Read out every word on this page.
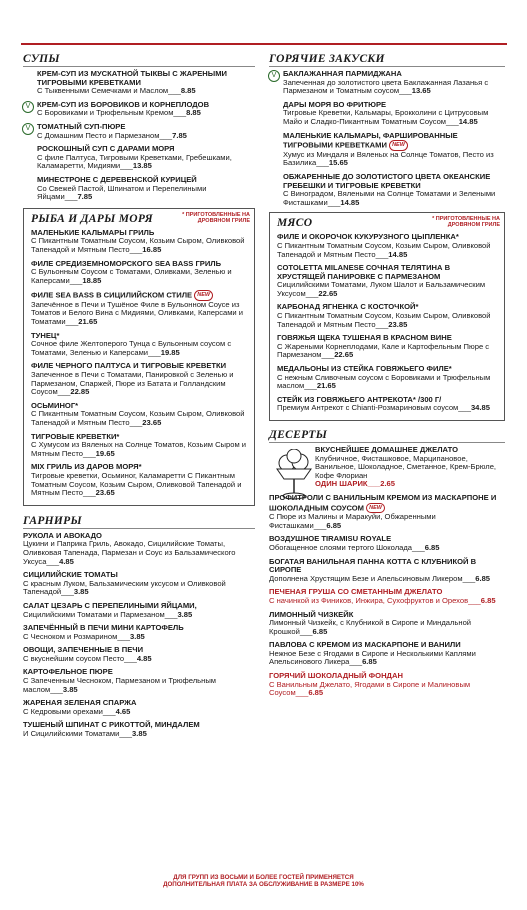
СУПЫ
КРЕМ-СУП ИЗ МУСКАТНОЙ ТЫКВЫ С ЖАРЕНЫМИ ТИГРОВЫМИ КРЕВЕТКАМИ
С Тыквенными Семечками и Маслом___8.85
V КРЕМ-СУП ИЗ БОРОВИКОВ И КОРНЕПЛОДОВ
С Боровиками и Трюфельным Кремом___8.85
V ТОМАТНЫЙ СУП-ПЮРЕ
С Домашним Песто и Пармезаном___7.85
РОСКОШНЫЙ СУП С ДАРАМИ МОРЯ
С филе Палтуса, Тигровыми Креветками, Гребешками, Каламаретти, Мидиями___13.85
МИНЕСТРОНЕ С ДЕРЕВЕНСКОЙ КУРИЦЕЙ
Со Свежей Пастой, Шпинатом и Перепелиными Яйцами___7.85
* ПРИГОТОВЛЕННЫЕ НА ДРОВЯНОМ ГРИЛЕ
РЫБА И ДАРЫ МОРЯ
МАЛЕНЬКИЕ КАЛЬМАРЫ ГРИЛЬ
С Пикантным Томатным Соусом, Козьим Сыром, Оливковой Тапенадой и Мятным Песто___16.85
ФИЛЕ СРЕДИЗЕМНОМОРСКОГО SEA BASS ГРИЛЬ
С Бульонным Соусом с Томатами, Оливками, Зеленью и Каперсами___18.85
ФИЛЕ SEA BASS В СИЦИЛИЙСКОМ СТИЛЕ NEW
Запечённое в Печи и Тушёное Филе в Бульонном Соусе из Томатов и Белого Вина с Мидиями, Оливками, Каперсами и Томатами___21.65
ТУНЕЦ*
Сочное филе Желтоперого Тунца с Бульонным соусом с Томатами, Зеленью и Каперсами___19.85
ФИЛЕ ЧЕРНОГО ПАЛТУСА И ТИГРОВЫЕ КРЕВЕТКИ
Запеченное в Печи с Томатами, Панировкой с Зеленью и Пармезаном, Спаржей, Пюре из Батата и Голландским Соусом___22.85
ОСЬМИНОГ*
С Пикантным Томатным Соусом, Козьим Сыром, Оливковой Тапенадой и Мятным Песто___23.65
ТИГРОВЫЕ КРЕВЕТКИ*
С Хумусом из Вяленых на Солнце Томатов, Козьим Сыром и Мятным Песто___19.65
MIX ГРИЛЬ ИЗ ДАРОВ МОРЯ*
Тигровые креветки, Осьминог, Каламаретти С Пикантным Томатным Соусом, Козьим Сыром, Оливковой Тапенадой и Мятным Песто___23.65
ГАРНИРЫ
РУКОЛА И АВОКАДО
Цукини и Паприка Гриль, Авокадо, Сицилийские Томаты, Оливковая Тапенада, Пармезан и Соус из Бальзамического Уксуса___4.85
СИЦИЛИЙСКИЕ ТОМАТЫ
С красным Луком, Бальзамическим уксусом и Оливковой Тапенадой___3.85
САЛАТ ЦЕЗАРЬ С ПЕРЕПЕЛИНЫМИ ЯЙЦАМИ,
Сицилийскими Томатами и Пармезаном___3.85
ЗАПЕЧЁННЫЙ В ПЕЧИ МИНИ КАРТОФЕЛЬ
С Чесноком и Розмарином___3.85
ОВОЩИ, ЗАПЕЧЕННЫЕ В ПЕЧИ
С вкуснейшим соусом Песто___4.85
КАРТОФЕЛЬНОЕ ПЮРЕ
С Запеченным Чесноком, Пармезаном и Трюфельным маслом___3.85
ЖАРЕНАЯ ЗЕЛЕНАЯ СПАРЖА
С Кедровыми орехами___4.65
ТУШЕНЫЙ ШПИНАТ С РИКОТТОЙ, МИНДАЛЕМ
И Сицилийскими Томатами___3.85
ГОРЯЧИЕ ЗАКУСКИ
V БАКЛАЖАННАЯ ПАРМИДЖАНА
Запеченная до золотистого цвета Баклажанная Лазанья с Пармезаном и Томатным соусом___13.65
ДАРЫ МОРЯ ВО ФРИТЮРЕ
Тигровые Креветки, Кальмары, Брокколини с Цитрусовым Майо и Сладко-Пикантным Томатным Соусом___14.85
МАЛЕНЬКИЕ КАЛЬМАРЫ, ФАРШИРОВАННЫЕ ТИГРОВЫМИ КРЕВЕТКАМИ NEW
Хумус из Миндаля и Вяленых на Солнце Томатов, Песто из Базилика___15.65
ОБЖАРЕННЫЕ ДО ЗОЛОТИСТОГО ЦВЕТА ОКЕАНСКИЕ ГРЕБЕШКИ И ТИГРОВЫЕ КРЕВЕТКИ
С Виноградом, Вялеными на Солнце Томатами и Зелеными Фисташками___14.85
* ПРИГОТОВЛЕННЫЕ НА ДРОВЯНОМ ГРИЛЕ
МЯСО
ФИЛЕ И ОКОРОЧОК КУКУРУЗНОГО ЦЫПЛЕНКА*
С Пикантным Томатным Соусом, Козьим Сыром, Оливковой Тапенадой и Мятным Песто___14.85
COTOLETTA MILANESE СОЧНАЯ ТЕЛЯТИНА В ХРУСТЯЩЕЙ ПАНИРОВКЕ С ПАРМЕЗАНОМ
Сицилийскими Томатами, Луком Шалот и Бальзамическим Уксусом___22.65
КАРБОНАД ЯГНЕНКА С КОСТОЧКОЙ*
С Пикантным Томатным Соусом, Козьим Сыром, Оливковой Тапенадой и Мятным Песто___23.85
ГОВЯЖЬЯ ЩЕКА ТУШЕНАЯ В КРАСНОМ ВИНЕ
С Жареными Корнеплодами, Кале и Картофельным Пюре с Пармезаном___22.65
МЕДАЛЬОНЫ ИЗ СТЕЙКА ГОВЯЖЬЕГО ФИЛЕ*
С нежным Сливочным соусом с Боровиками и Трюфельным маслом___21.65
СТЕЙК ИЗ ГОВЯЖЬЕГО АНТРЕКОТА* /300 Г/
Премиум Антрекот с Chianti-Розмариновым соусом___34.85
ДЕСЕРТЫ
ВКУСНЕЙШЕЕ ДОМАШНЕЕ ДЖЕЛАТО
Клубничное, Фисташковое, Марципановое, Ванильное, Шоколадное, Сметанное, Крем-Брюле, Кофе Флориан
ОДИН ШАРИК___2.65
ПРОФИТРОЛИ С ВАНИЛЬНЫМ КРЕМОМ ИЗ МАСКАРПОНЕ И ШОКОЛАДНЫМ СОУСОМ NEW
С Пюре из Малины и Маракуйи, Обжаренными Фисташками___6.85
ВОЗДУШНОЕ TIRAMISU ROYALE
Обогащенное слоями тертого Шоколада___6.85
БОГАТАЯ ВАНИЛЬНАЯ ПАННА КОТТА С КЛУБНИКОЙ В СИРОПЕ
Дополнена Хрустящим Безе и Апельсиновым Ликером___6.85
ПЕЧЕНАЯ ГРУША СО СМЕТАННЫМ ДЖЕЛАТО
С начинкой из Фиников, Инжира, Сухофруктов и Орехов___6.85
ЛИМОННЫЙ ЧИЗКЕЙК
Лимонный Чизкейк, с Клубникой в Сиропе и Миндальной Крошкой___6.85
ПАВЛОВА С КРЕМОМ ИЗ МАСКАРПОНЕ И ВАНИЛИ
Нежное Безе с Ягодами в Сиропе и Несколькими Каплями Апельсинового Ликера___6.85
ГОРЯЧИЙ ШОКОЛАДНЫЙ ФОНДАН
С Ванильным Джелато, Ягодами в Сиропе и Малиновым Соусом___6.85
ДЛЯ ГРУПП ИЗ ВОСЬМИ И БОЛЕЕ ГОСТЕЙ ПРИМЕНЯЕТСЯ
ДОПОЛНИТЕЛЬНАЯ ПЛАТА ЗА ОБСЛУЖИВАНИЕ В РАЗМЕРЕ 10%
